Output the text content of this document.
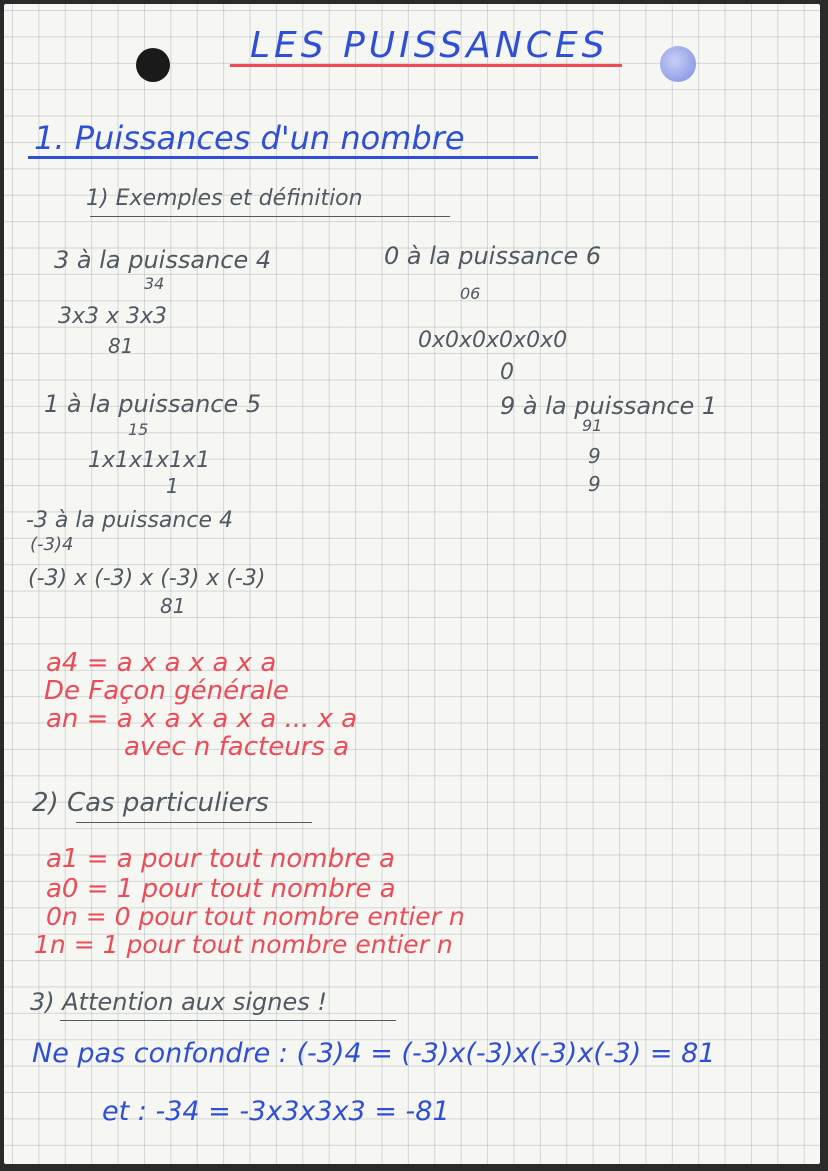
LES PUISSANCES
1. Puissances d'un nombre
1) Exemples et définition
3 à la puissance 4
34
3x3 x 3x3
81
0 à la puissance 6
06
0x0x0x0x0x0
0
1 à la puissance 5
15
1x1x1x1x1
1
9 à la puissance 1
91
9
9
-3 à la puissance 4
(-3)4
(-3) x (-3) x (-3) x (-3)
81
a4 = a x a x a x a
De Façon générale
an = a x a x a x a ... x a
avec n facteurs a
2) Cas particuliers
a1 = a pour tout nombre a
a0 = 1 pour tout nombre a
0n = 0 pour tout nombre entier n
1n = 1 pour tout nombre entier n
3) Attention aux signes !
Ne pas confondre : (-3)4 = (-3)x(-3)x(-3)x(-3) = 81
et : -34 = -3x3x3x3 = -81
